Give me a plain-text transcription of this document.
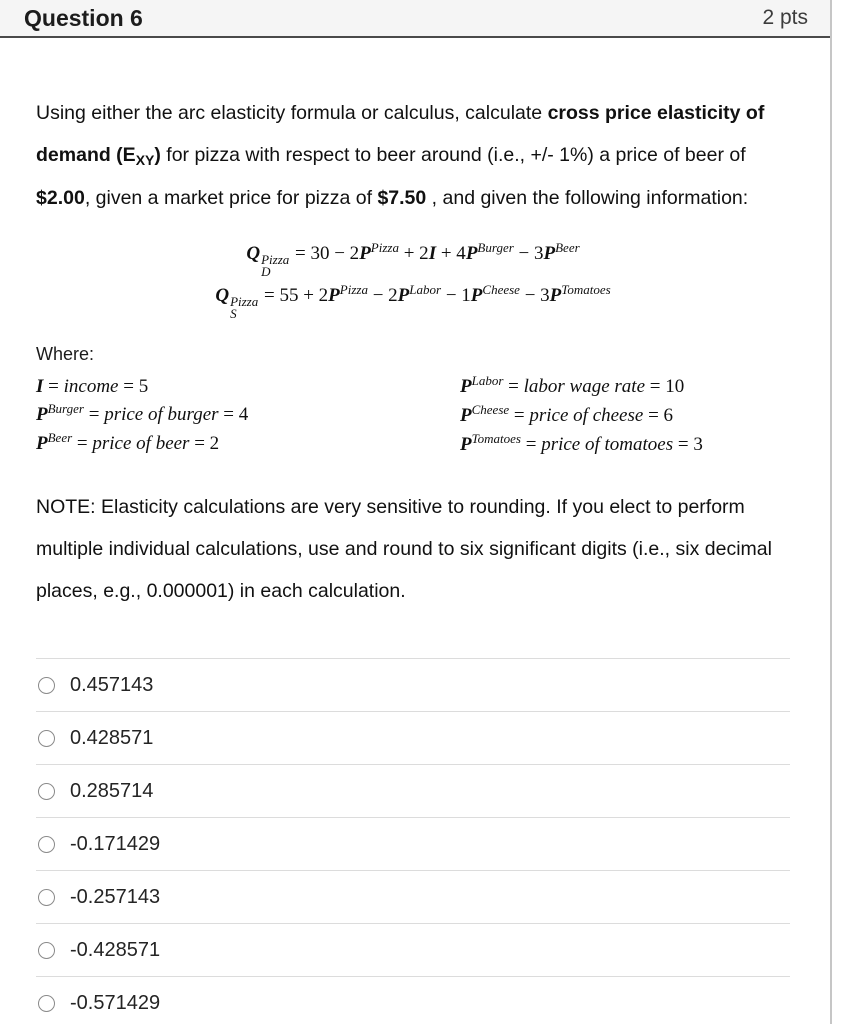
Question 6	2 pts

Using either the arc elasticity formula or calculus, calculate cross price elasticity of demand $(E_{XY})$ for pizza with respect to beer around (i.e., +/- 1%) a price of beer of $2.00, given a market price for pizza of $7.50 , and given the following information:

Q Pizza
D
= $30 - 2P^{Pizza} + 2I + 4P^{Burger} - 3P^{Beer}$
Q Pizza
S
= $55 + 2P^{Pizza} - 2P^{Labor} - 1P^{Cheese} - 3P^{Tomatoes}$
Where:
I = income = 5
$P^{Burger}$ = price of burger = 4
$P^{Beer}$ = price of beer = 2
$P^{Labor}$ = labor wage rate = 10
$P^{Cheese}$ = price of cheese = 6
$P^{Tomatoes}$ = price of tomatoes = 3

NOTE: Elasticity calculations are very sensitive to rounding. If you elect to perform multiple individual calculations, use and round to six significant digits (i.e., six decimal places, e.g., 0.000001) in each calculation.

0.457143
0.428571
0.285714
-0.171429
-0.257143
-0.428571
-0.571429
